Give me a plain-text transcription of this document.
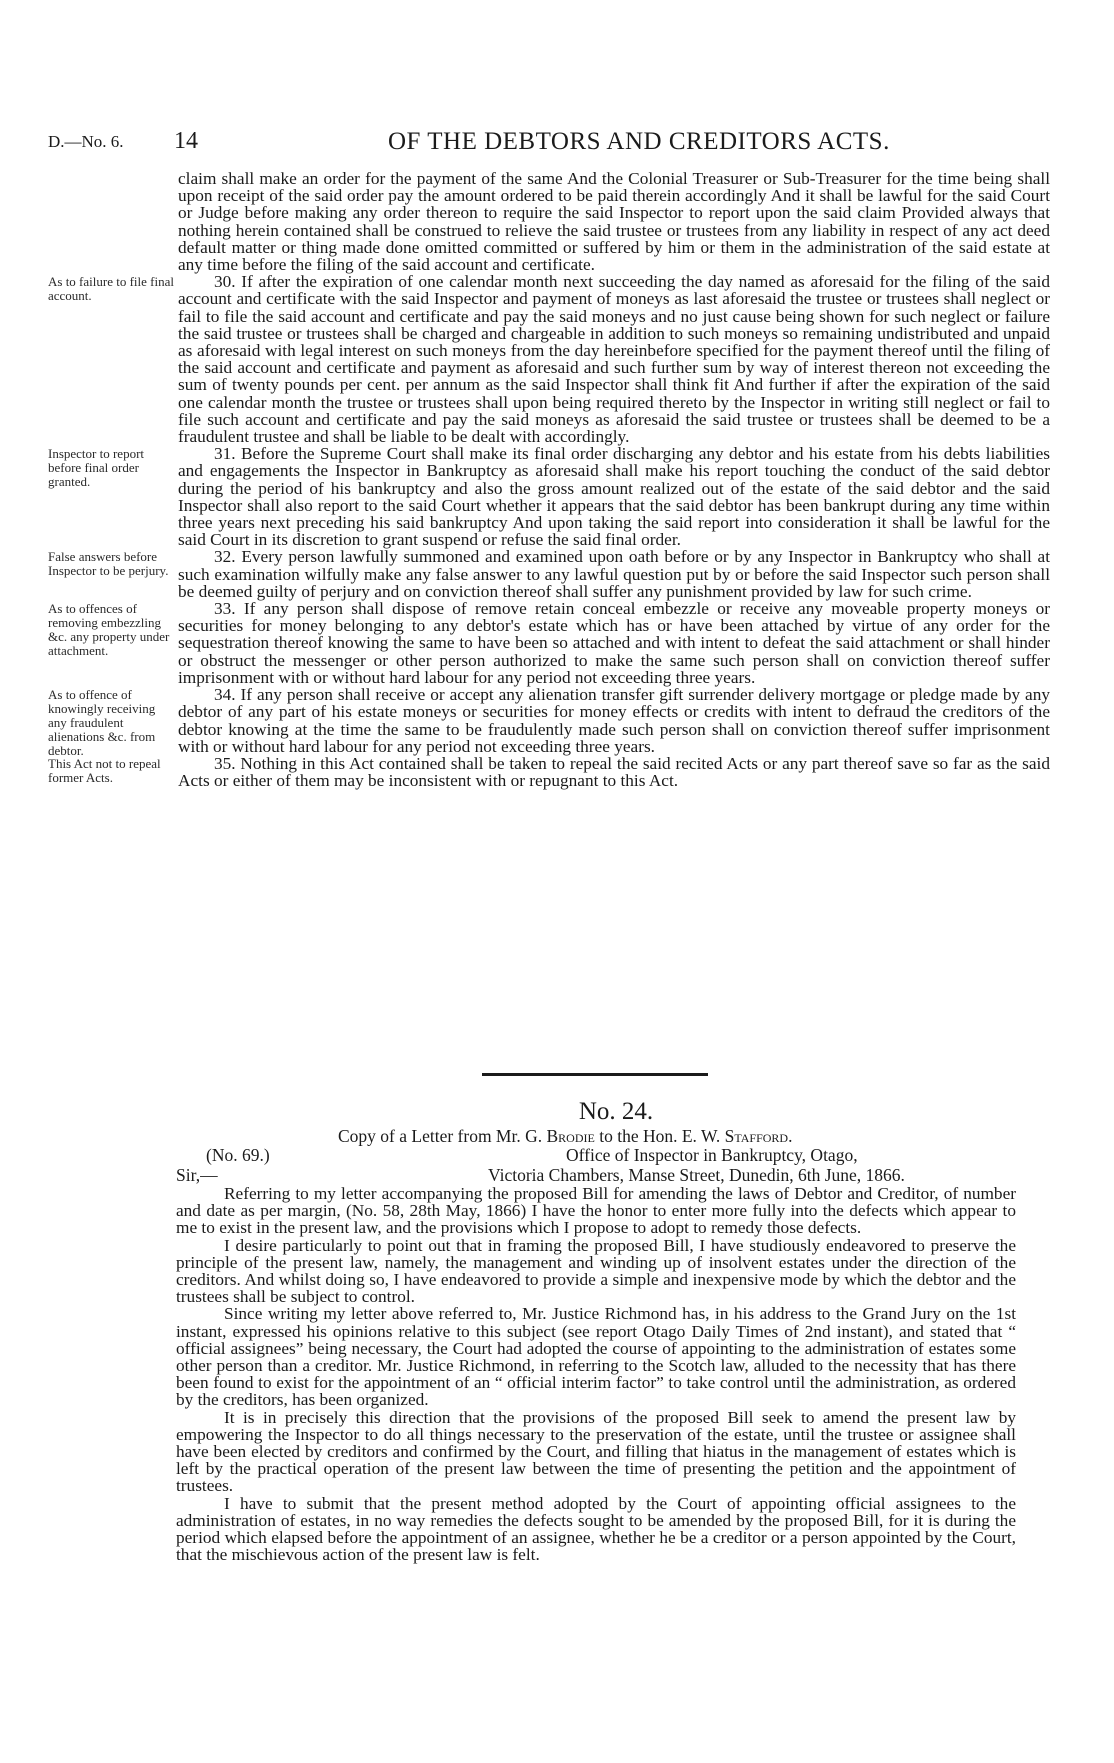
D.—No. 6. 14	OF THE DEBTORS AND CREDITORS ACTS.
claim shall make an order for the payment of the same And the Colonial Treasurer or Sub-Treasurer for the time being shall upon receipt of the said order pay the amount ordered to be paid therein accordingly And it shall be lawful for the said Court or Judge before making any order thereon to require the said Inspector to report upon the said claim Provided always that nothing herein contained shall be construed to relieve the said trustee or trustees from any liability in respect of any act deed default matter or thing made done omitted committed or suffered by him or them in the administration of the said estate at any time before the filing of the said account and certificate.
As to failure to file final account.
30. If after the expiration of one calendar month next succeeding the day named as aforesaid for the filing of the said account and certificate with the said Inspector and payment of moneys as last aforesaid the trustee or trustees shall neglect or fail to file the said account and certificate and pay the said moneys and no just cause being shown for such neglect or failure the said trustee or trustees shall be charged and chargeable in addition to such moneys so remaining undistributed and unpaid as aforesaid with legal interest on such moneys from the day hereinbefore specified for the payment thereof until the filing of the said account and certificate and payment as aforesaid and such further sum by way of interest thereon not exceeding the sum of twenty pounds per cent. per annum as the said Inspector shall think fit And further if after the expiration of the said one calendar month the trustee or trustees shall upon being required thereto by the Inspector in writing still neglect or fail to file such account and certificate and pay the said moneys as aforesaid the said trustee or trustees shall be deemed to be a fraudulent trustee and shall be liable to be dealt with accordingly.
Inspector to report before final order granted.
31. Before the Supreme Court shall make its final order discharging any debtor and his estate from his debts liabilities and engagements the Inspector in Bankruptcy as aforesaid shall make his report touching the conduct of the said debtor during the period of his bankruptcy and also the gross amount realized out of the estate of the said debtor and the said Inspector shall also report to the said Court whether it appears that the said debtor has been bankrupt during any time within three years next preceding his said bankruptcy And upon taking the said report into consideration it shall be lawful for the said Court in its discretion to grant suspend or refuse the said final order.
False answers before Inspector to be perjury.
32. Every person lawfully summoned and examined upon oath before or by any Inspector in Bankruptcy who shall at such examination wilfully make any false answer to any lawful question put by or before the said Inspector such person shall be deemed guilty of perjury and on conviction thereof shall suffer any punishment provided by law for such crime.
As to offences of removing embezzling &c. any property under attachment.
33. If any person shall dispose of remove retain conceal embezzle or receive any moveable property moneys or securities for money belonging to any debtor's estate which has or have been attached by virtue of any order for the sequestration thereof knowing the same to have been so attached and with intent to defeat the said attachment or shall hinder or obstruct the messenger or other person authorized to make the same such person shall on conviction thereof suffer imprisonment with or without hard labour for any period not exceeding three years.
As to offence of knowingly receiving any fraudulent alienations &c. from debtor.
34. If any person shall receive or accept any alienation transfer gift surrender delivery mortgage or pledge made by any debtor of any part of his estate moneys or securities for money effects or credits with intent to defraud the creditors of the debtor knowing at the time the same to be fraudulently made such person shall on conviction thereof suffer imprisonment with or without hard labour for any period not exceeding three years.
This Act not to repeal former Acts.
35. Nothing in this Act contained shall be taken to repeal the said recited Acts or any part thereof save so far as the said Acts or either of them may be inconsistent with or repugnant to this Act.
No. 24.
Copy of a Letter from Mr. G. Brodie to the Hon. E. W. Stafford.
(No. 69.)	Office of Inspector in Bankruptcy, Otago,
Sir,—	Victoria Chambers, Manse Street, Dunedin, 6th June, 1866.

Referring to my letter accompanying the proposed Bill for amending the laws of Debtor and Creditor, of number and date as per margin, (No. 58, 28th May, 1866) I have the honor to enter more fully into the defects which appear to me to exist in the present law, and the provisions which I propose to adopt to remedy those defects.

I desire particularly to point out that in framing the proposed Bill, I have studiously endeavored to preserve the principle of the present law, namely, the management and winding up of insolvent estates under the direction of the creditors. And whilst doing so, I have endeavored to provide a simple and inexpensive mode by which the debtor and the trustees shall be subject to control.

Since writing my letter above referred to, Mr. Justice Richmond has, in his address to the Grand Jury on the 1st instant, expressed his opinions relative to this subject (see report Otago Daily Times of 2nd instant), and stated that “ official assignees” being necessary, the Court had adopted the course of appointing to the administration of estates some other person than a creditor. Mr. Justice Richmond, in referring to the Scotch law, alluded to the necessity that has there been found to exist for the appointment of an “ official interim factor” to take control until the administration, as ordered by the creditors, has been organized.

It is in precisely this direction that the provisions of the proposed Bill seek to amend the present law by empowering the Inspector to do all things necessary to the preservation of the estate, until the trustee or assignee shall have been elected by creditors and confirmed by the Court, and filling that hiatus in the management of estates which is left by the practical operation of the present law between the time of presenting the petition and the appointment of trustees.

I have to submit that the present method adopted by the Court of appointing official assignees to the administration of estates, in no way remedies the defects sought to be amended by the proposed Bill, for it is during the period which elapsed before the appointment of an assignee, whether he be a creditor or a person appointed by the Court, that the mischievous action of the present law is felt.
